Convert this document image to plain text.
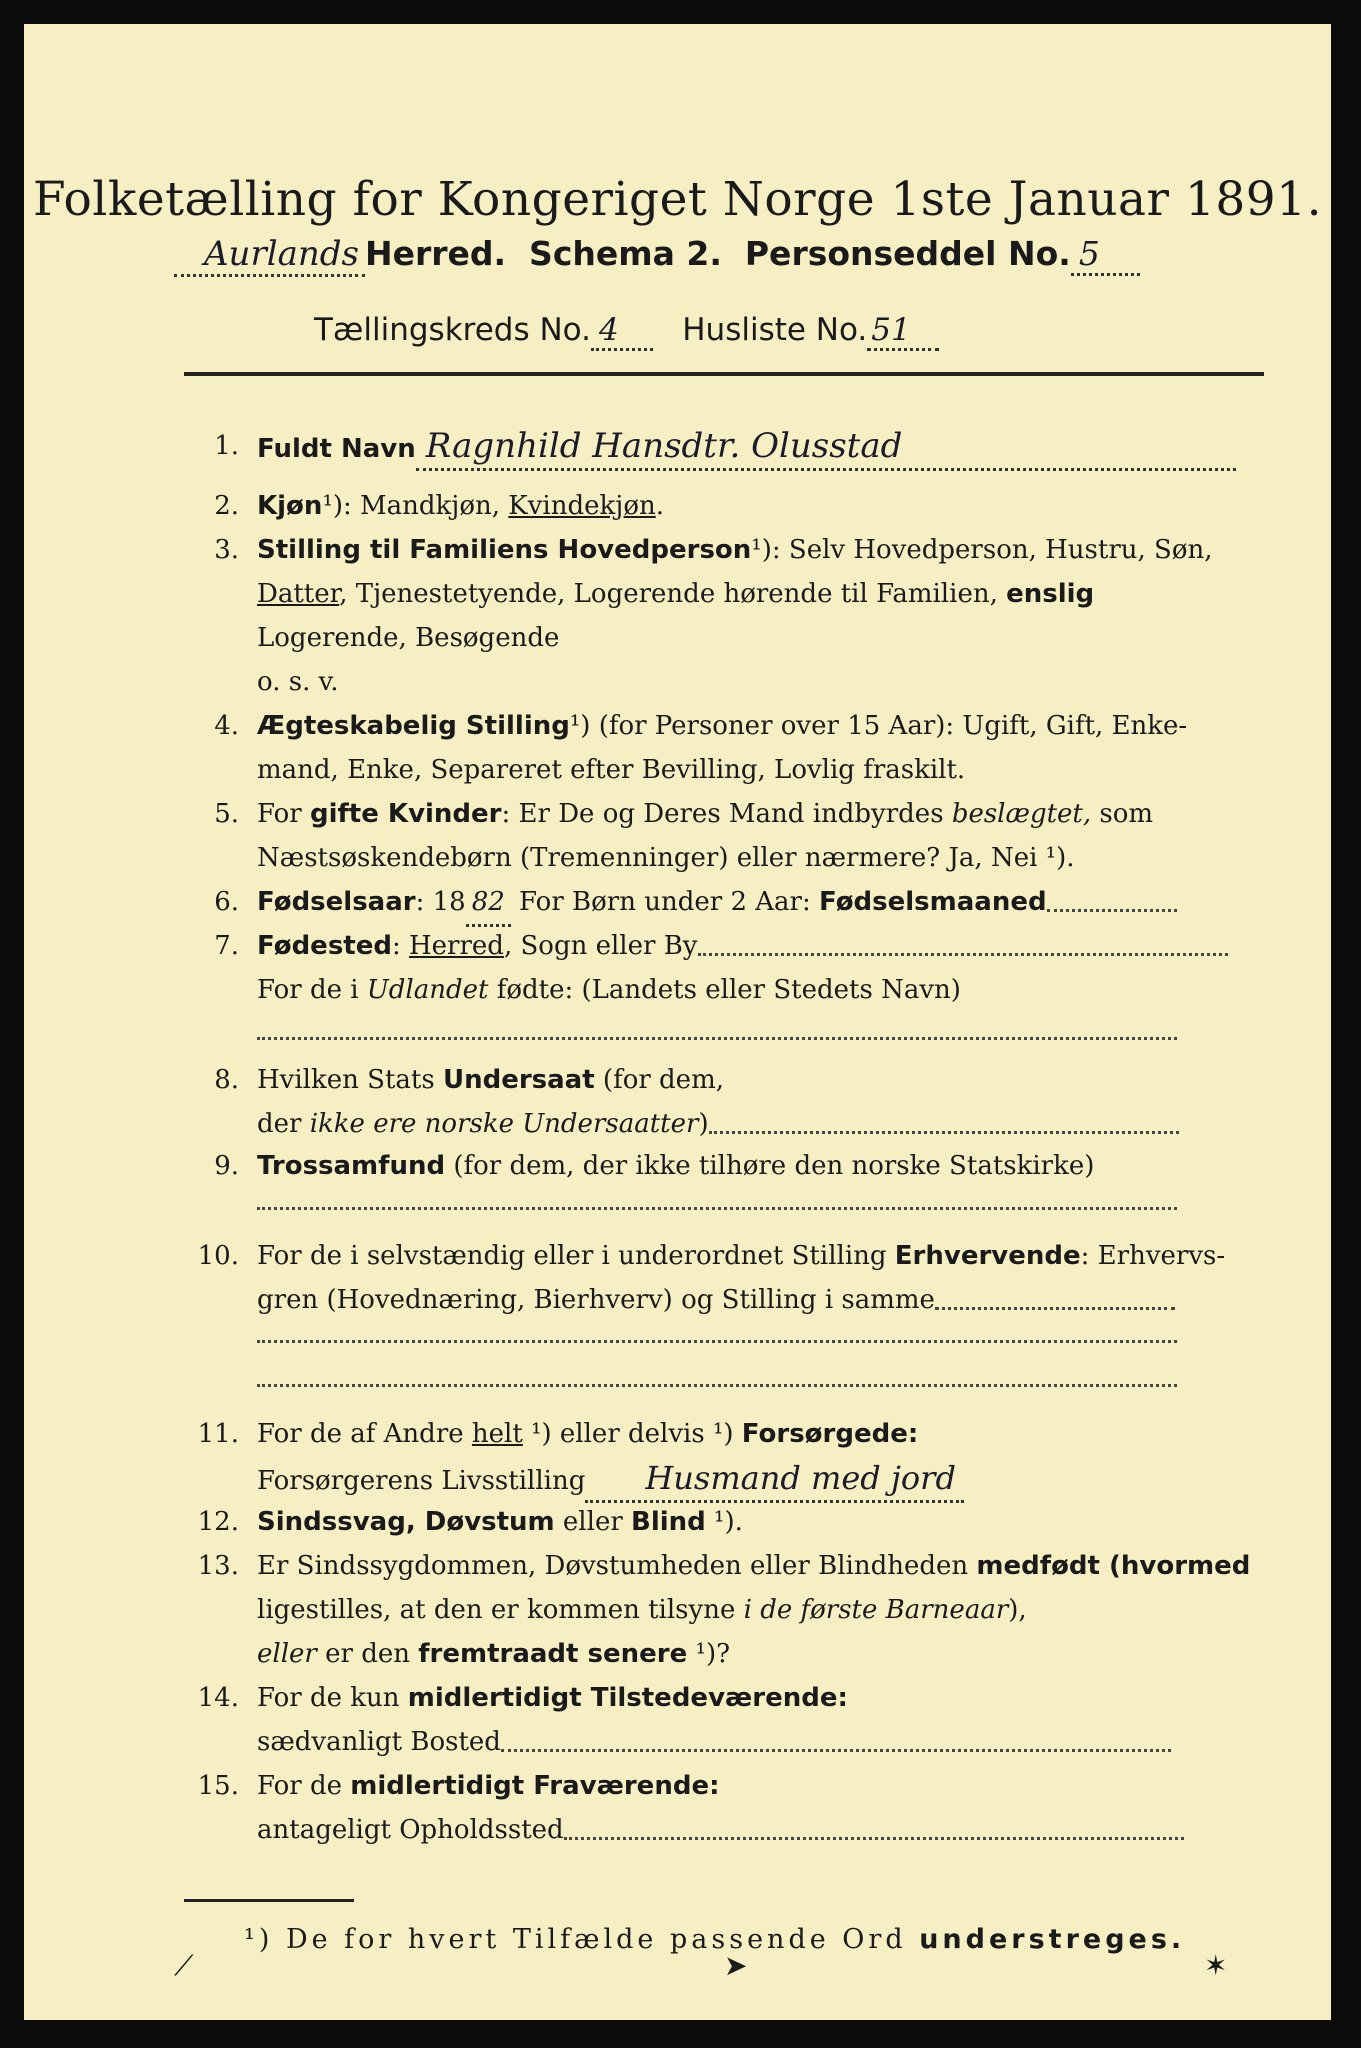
Folketælling for Kongeriget Norge 1ste Januar 1891.
Aurlands Herred. Schema 2. Personseddel No. 5
Tællingskreds No. 4 Husliste No. 51
1. Fuldt Navn Ragnhild Hansdtr. Olusstad
2. Kjøn¹): Mandkjøn, Kvindekjøn.
3. Stilling til Familiens Hovedperson¹): Selv Hovedperson, Hustru, Søn,
Datter, Tjenestetyende, Logerende hørende til Familien, enslig
Logerende, Besøgende
o. s. v.
4. Ægteskabelig Stilling¹) (for Personer over 15 Aar): Ugift, Gift, Enke-
mand, Enke, Separeret efter Bevilling, Lovlig fraskilt.
5. For gifte Kvinder: Er De og Deres Mand indbyrdes beslægtet, som
Næstsøskendebørn (Tremenninger) eller nærmere? Ja, Nei ¹).
6. Fødselsaar: 18 82 For Børn under 2 Aar: Fødselsmaaned
7. Fødested: Herred, Sogn eller By
For de i Udlandet fødte: (Landets eller Stedets Navn)
8. Hvilken Stats Undersaat (for dem,
der ikke ere norske Undersaatter)
9. Trossamfund (for dem, der ikke tilhøre den norske Statskirke)
10. For de i selvstændig eller i underordnet Stilling Erhvervende: Erhvervs-
gren (Hovednæring, Bierhverv) og Stilling i samme
11. For de af Andre helt ¹) eller delvis ¹) Forsørgede:
Forsørgerens Livsstilling Husmand med jord
12. Sindssvag, Døvstum eller Blind ¹).
13. Er Sindssygdommen, Døvstumheden eller Blindheden medfødt (hvormed
ligestilles, at den er kommen tilsyne i de første Barneaar),
eller er den fremtraadt senere ¹)?
14. For de kun midlertidigt Tilstedeværende:
sædvanligt Bosted
15. For de midlertidigt Fraværende:
antageligt Opholdssted
¹) De for hvert Tilfælde passende Ord understreges.
⟋	➤	✶
